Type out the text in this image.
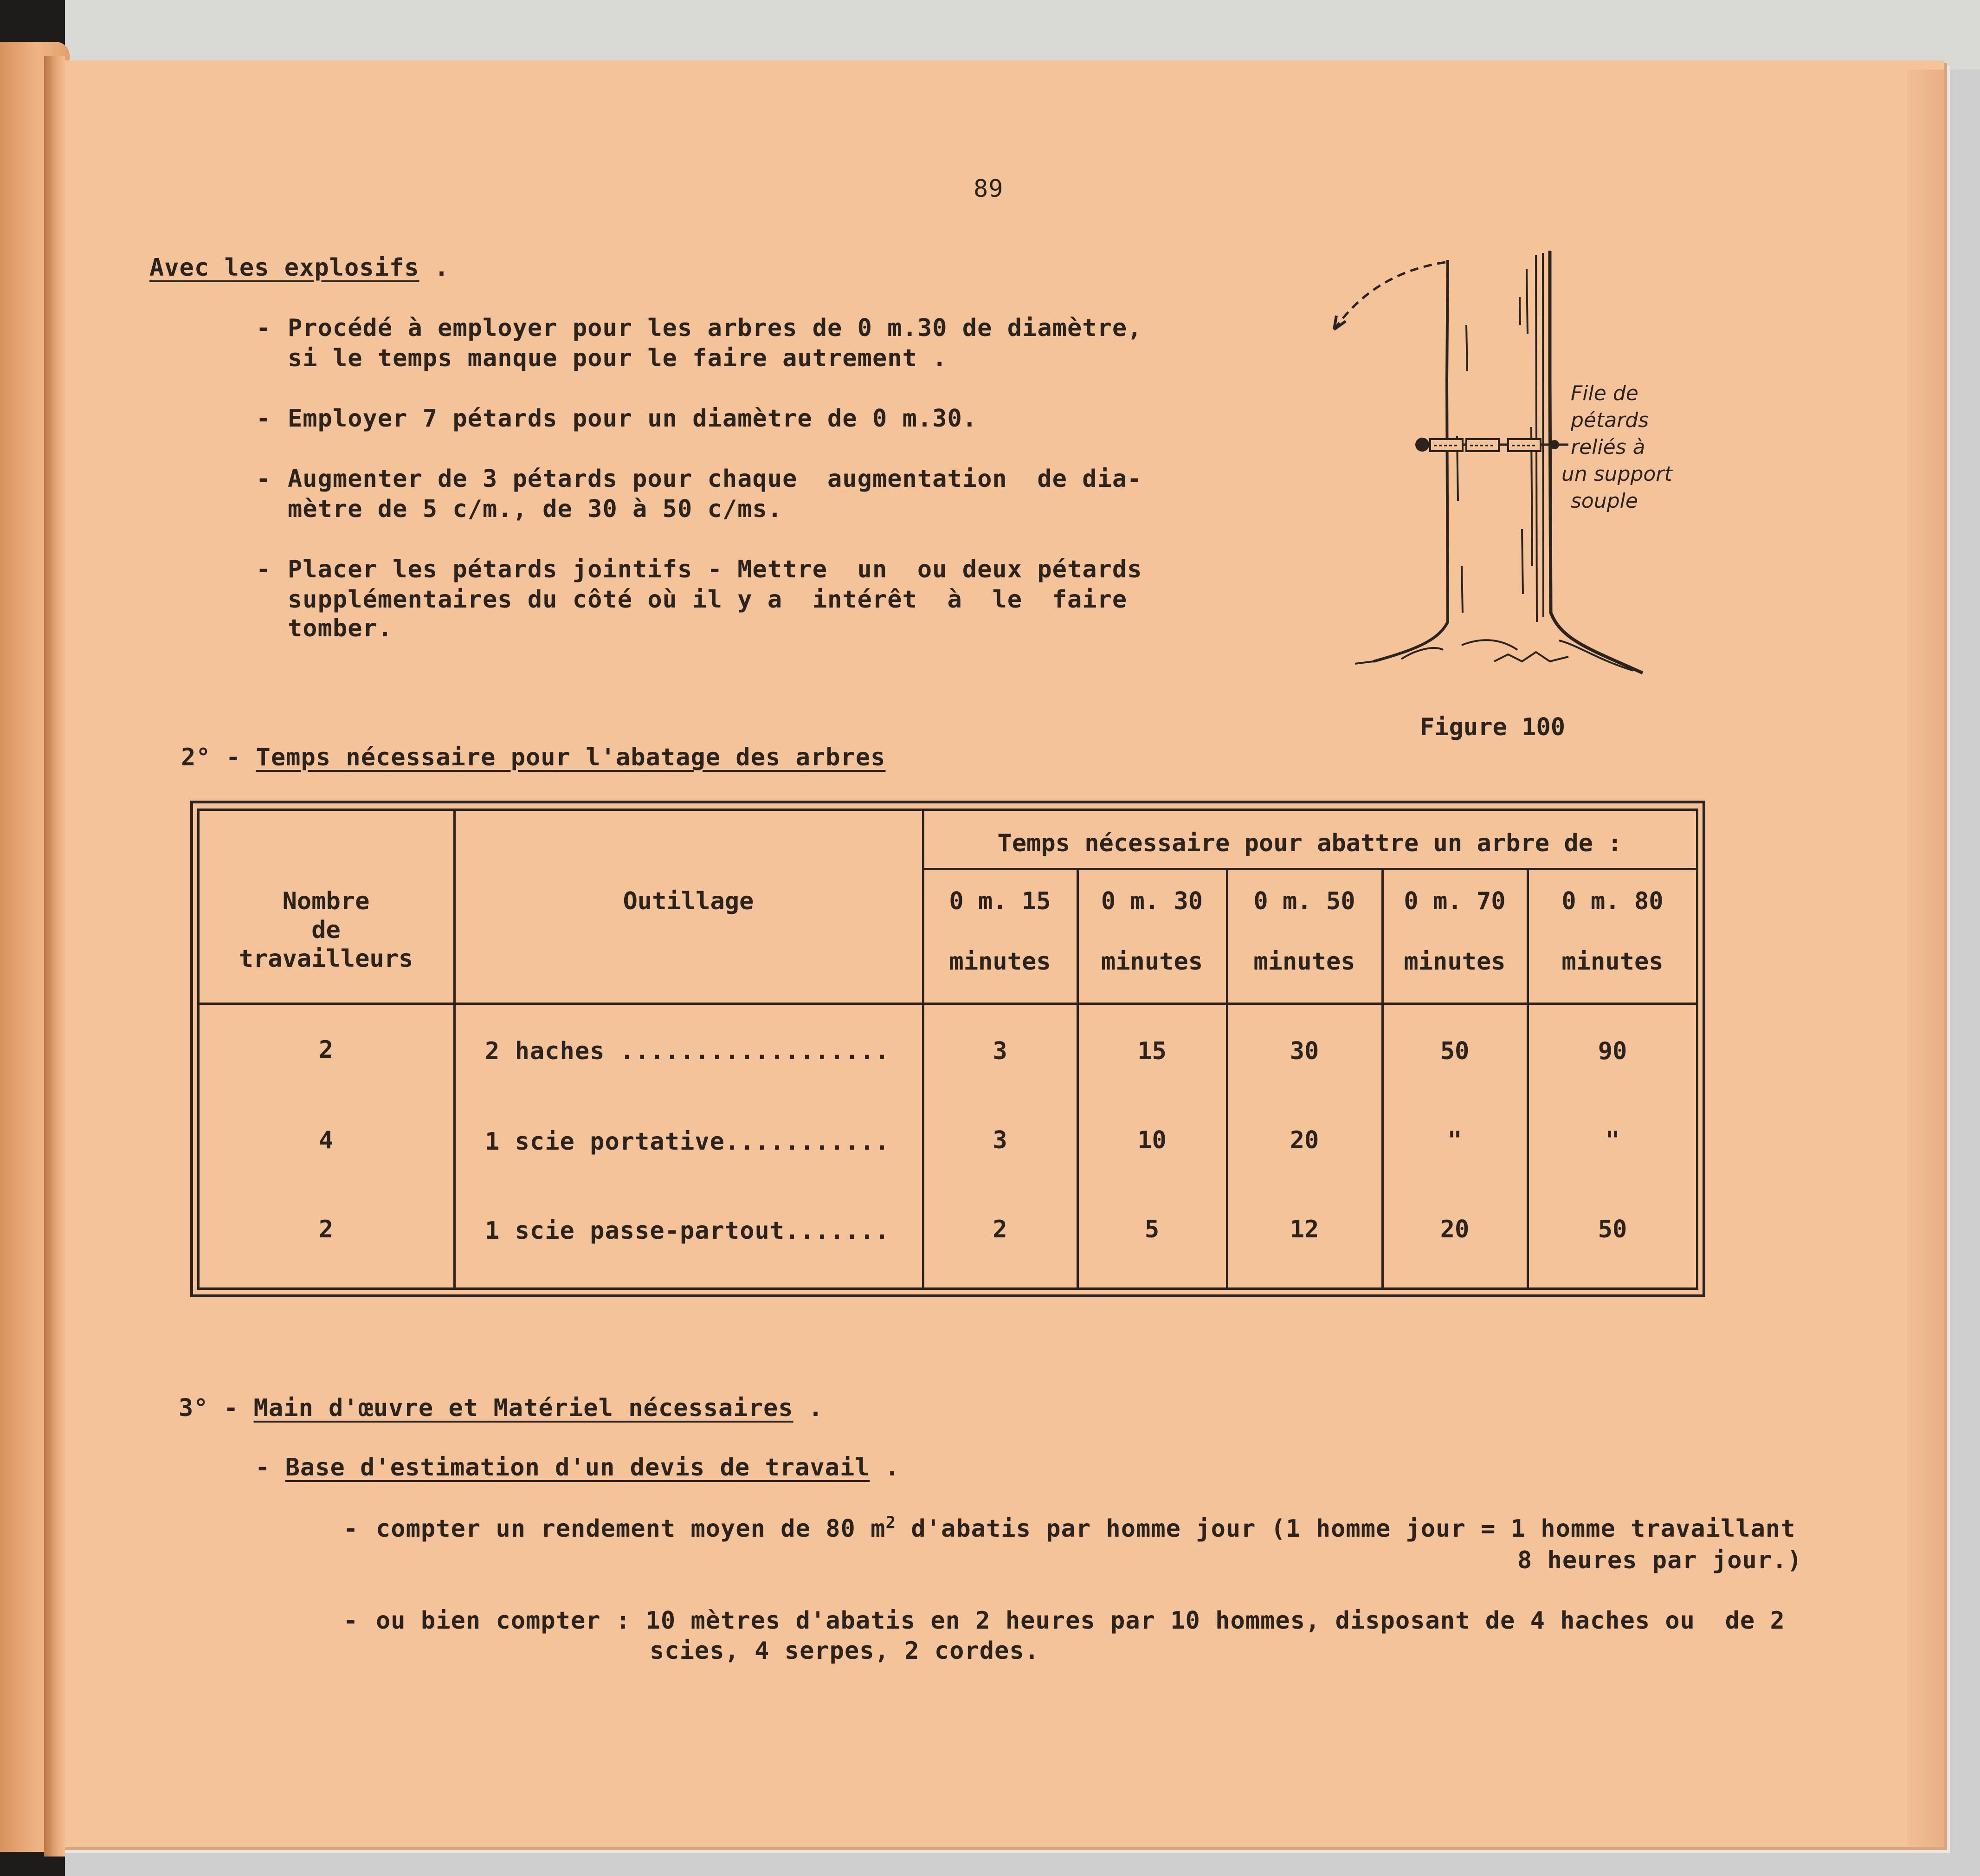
89
Avec les explosifs .
- Procédé à employer pour les arbres de 0 m.30 de diamètre,
si le temps manque pour le faire autrement .
- Employer 7 pétards pour un diamètre de 0 m.30.
- Augmenter de 3 pétards pour chaque  augmentation  de dia-
mètre de 5 c/m., de 30 à 50 c/ms.
- Placer les pétards jointifs - Mettre  un  ou deux pétards
supplémentaires du côté où il y a  intérêt  à  le  faire
tomber.
File de
pétards
reliés à
un support
souple
Figure 100
2° - Temps nécessaire pour l'abatage des arbres
Temps nécessaire pour abattre un arbre de :
Nombre
de
travailleurs
Outillage	0 m. 15	0 m. 30	0 m. 50	0 m. 70	0 m. 80
minutes	minutes	minutes	minutes	minutes
2	2 haches ..................	3	15	30	50	90
4	1 scie portative...........	3	10	20	"	"
2	1 scie passe-partout.......	2	5	12	20	50
3° - Main d'œuvre et Matériel nécessaires .
- Base d'estimation d'un devis de travail .
- compter un rendement moyen de 80 $m^2$ d'abatis par homme jour (1 homme jour = 1 homme travaillant
8 heures par jour.)
- ou bien compter : 10 mètres d'abatis en 2 heures par 10 hommes, disposant de 4 haches ou  de 2
scies, 4 serpes, 2 cordes.
